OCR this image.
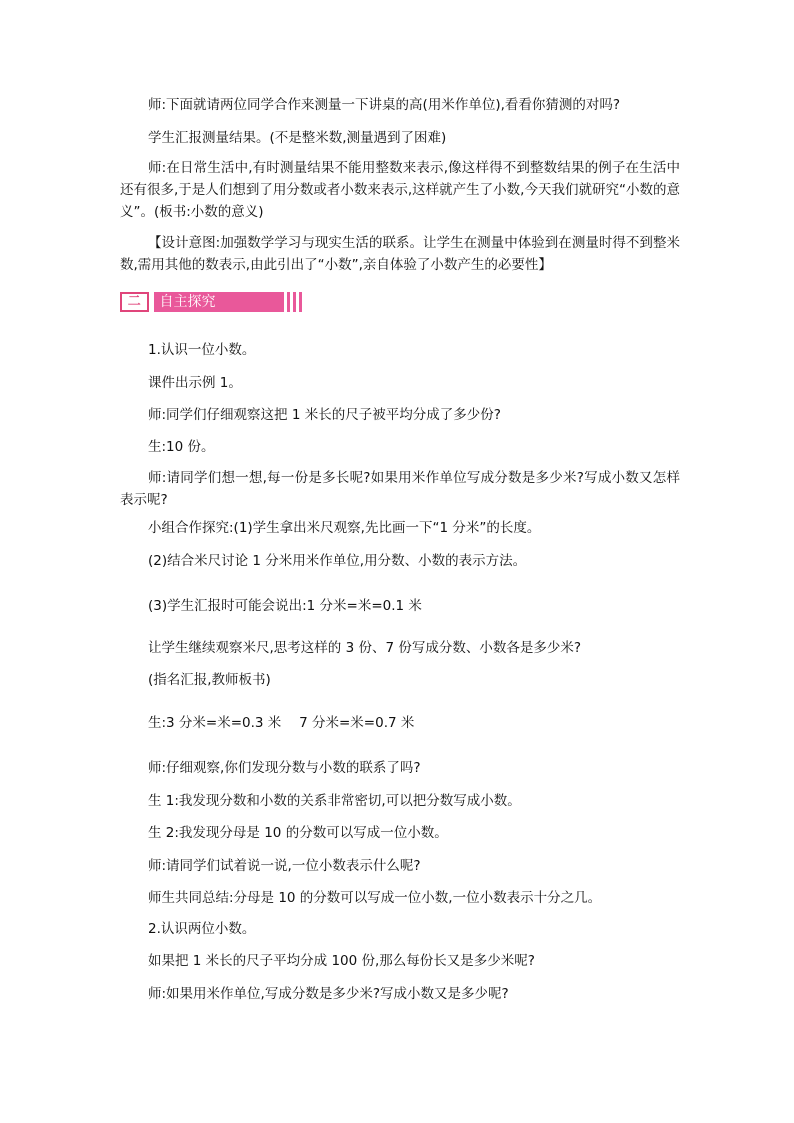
师:下面就请两位同学合作来测量一下讲桌的高(用米作单位),看看你猜测的对吗?
学生汇报测量结果。(不是整米数,测量遇到了困难)
师:在日常生活中,有时测量结果不能用整数来表示,像这样得不到整数结果的例子在生活中还有很多,于是人们想到了用分数或者小数来表示,这样就产生了小数,今天我们就研究“小数的意义”。(板书:小数的意义)
【设计意图:加强数学学习与现实生活的联系。让学生在测量中体验到在测量时得不到整米数,需用其他的数表示,由此引出了“小数”,亲自体验了小数产生的必要性】
二	自主探究
1.认识一位小数。
课件出示例 1。
师:同学们仔细观察这把 1 米长的尺子被平均分成了多少份?
生:10 份。
师:请同学们想一想,每一份是多长呢?如果用米作单位写成分数是多少米?写成小数又怎样表示呢?
小组合作探究:(1)学生拿出米尺观察,先比画一下“1 分米”的长度。
(2)结合米尺讨论 1 分米用米作单位,用分数、小数的表示方法。
(3)学生汇报时可能会说出:1 分米=米=0.1 米
让学生继续观察米尺,思考这样的 3 份、7 份写成分数、小数各是多少米?
(指名汇报,教师板书)
生:3 分米=米=0.3 米　 7 分米=米=0.7 米
师:仔细观察,你们发现分数与小数的联系了吗?
生 1:我发现分数和小数的关系非常密切,可以把分数写成小数。
生 2:我发现分母是 10 的分数可以写成一位小数。
师:请同学们试着说一说,一位小数表示什么呢?
师生共同总结:分母是 10 的分数可以写成一位小数,一位小数表示十分之几。
2.认识两位小数。
如果把 1 米长的尺子平均分成 100 份,那么每份长又是多少米呢?
师:如果用米作单位,写成分数是多少米?写成小数又是多少呢?
